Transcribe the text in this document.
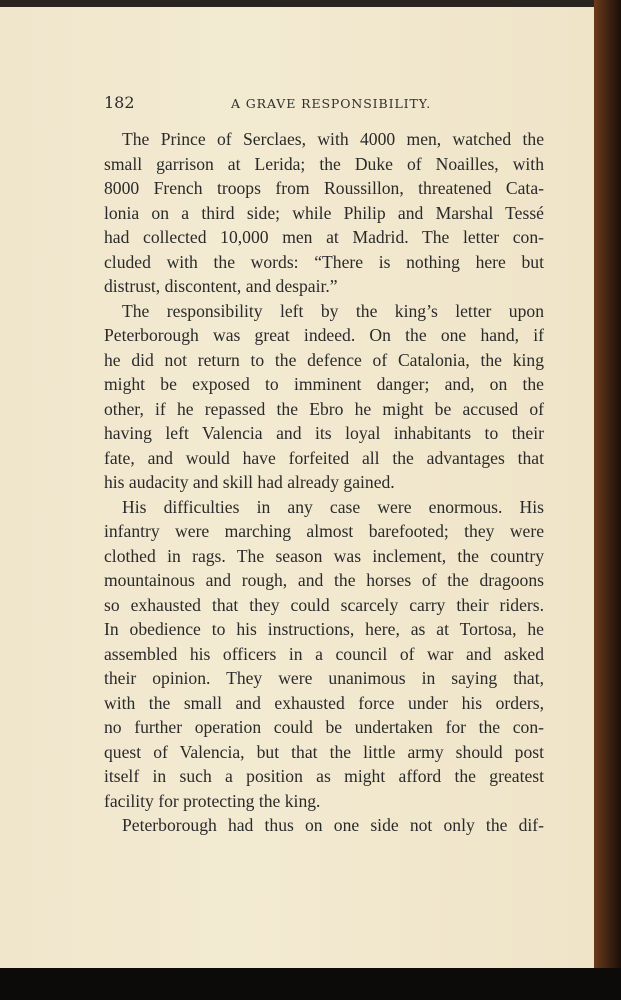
182	A GRAVE RESPONSIBILITY.
The Prince of Serclaes, with 4000 men, watched the
small garrison at Lerida; the Duke of Noailles, with
8000 French troops from Roussillon, threatened Cata-
lonia on a third side; while Philip and Marshal Tessé
had collected 10,000 men at Madrid. The letter con-
cluded with the words: “There is nothing here but
distrust, discontent, and despair.”
The responsibility left by the king’s letter upon
Peterborough was great indeed. On the one hand, if
he did not return to the defence of Catalonia, the king
might be exposed to imminent danger; and, on the
other, if he repassed the Ebro he might be accused of
having left Valencia and its loyal inhabitants to their
fate, and would have forfeited all the advantages that
his audacity and skill had already gained.
His difficulties in any case were enormous. His
infantry were marching almost barefooted; they were
clothed in rags. The season was inclement, the country
mountainous and rough, and the horses of the dragoons
so exhausted that they could scarcely carry their riders.
In obedience to his instructions, here, as at Tortosa, he
assembled his officers in a council of war and asked
their opinion. They were unanimous in saying that,
with the small and exhausted force under his orders,
no further operation could be undertaken for the con-
quest of Valencia, but that the little army should post
itself in such a position as might afford the greatest
facility for protecting the king.
Peterborough had thus on one side not only the dif-
